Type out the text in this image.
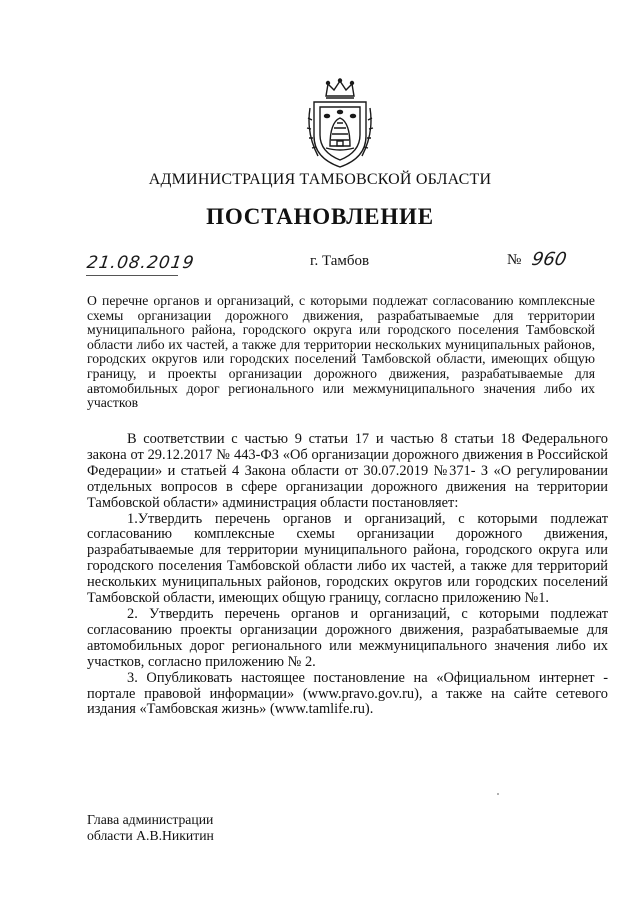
АДМИНИСТРАЦИЯ ТАМБОВСКОЙ ОБЛАСТИ
ПОСТАНОВЛЕНИЕ
21.08.2019	г. Тамбов	№ 960
О перечне органов и организаций, с которыми подлежат согласованию комплексные схемы организации дорожного движения, разрабатываемые для территории муниципального района, городского округа или городского поселения Тамбовской области либо их частей, а также для территории нескольких муниципальных районов, городских округов или городских поселений Тамбовской области, имеющих общую границу, и проекты организации дорожного движения, разрабатываемые для автомобильных дорог регионального или межмуниципального значения либо их участков

В соответствии с частью 9 статьи 17 и частью 8 статьи 18 Федерального закона от 29.12.2017 № 443-ФЗ «Об организации дорожного движения в Российской Федерации» и статьей 4 Закона области от 30.07.2019 №371- З «О регулировании отдельных вопросов в сфере организации дорожного движения на территории Тамбовской области» администрация области постановляет:

1.Утвердить перечень органов и организаций, с которыми подлежат согласованию комплексные схемы организации дорожного движения, разрабатываемые для территории муниципального района, городского округа или городского поселения Тамбовской области либо их частей, а также для территорий нескольких муниципальных районов, городских округов или городских поселений Тамбовской области, имеющих общую границу, согласно приложению №1.

2. Утвердить перечень органов и организаций, с которыми подлежат согласованию проекты организации дорожного движения, разрабатываемые для автомобильных дорог регионального или межмуниципального значения либо их участков, согласно приложению № 2.

3. Опубликовать настоящее постановление на «Официальном интернет - портале правовой информации» (www.pravo.gov.ru), а также на сайте сетевого издания «Тамбовская жизнь» (www.tamlife.ru).

Глава администрации
области А.В.Никитин
